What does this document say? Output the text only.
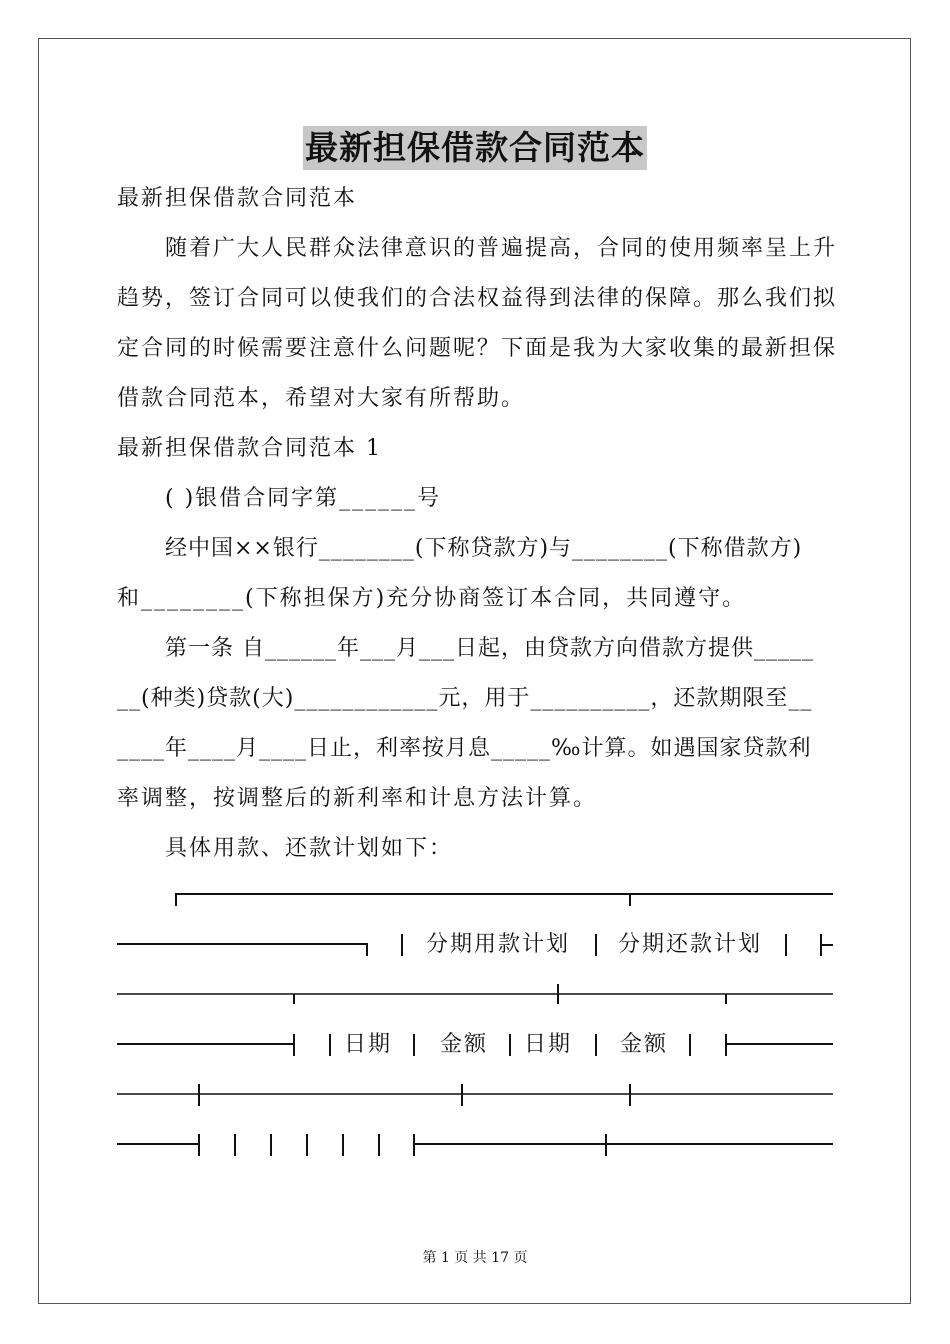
最新担保借款合同范本
最新担保借款合同范本
随着广大人民群众法律意识的普遍提高，合同的使用频率呈上升
趋势，签订合同可以使我们的合法权益得到法律的保障。那么我们拟
定合同的时候需要注意什么问题呢？下面是我为大家收集的最新担保
借款合同范本，希望对大家有所帮助。
最新担保借款合同范本 1
( )银借合同字第______号
经中国××银行________(下称贷款方)与________(下称借款方)
和________(下称担保方)充分协商签订本合同，共同遵守。
第一条 自______年___月___日起，由贷款方向借款方提供_____
__(种类)贷款(大)____________元，用于__________，还款期限至__
____年____月____日止，利率按月息_____‰计算。如遇国家贷款利
率调整，按调整后的新利率和计息方法计算。
具体用款、还款计划如下：
分期用款计划 分期还款计划
日期 金额 日期 金额
第 1 页 共 17 页
